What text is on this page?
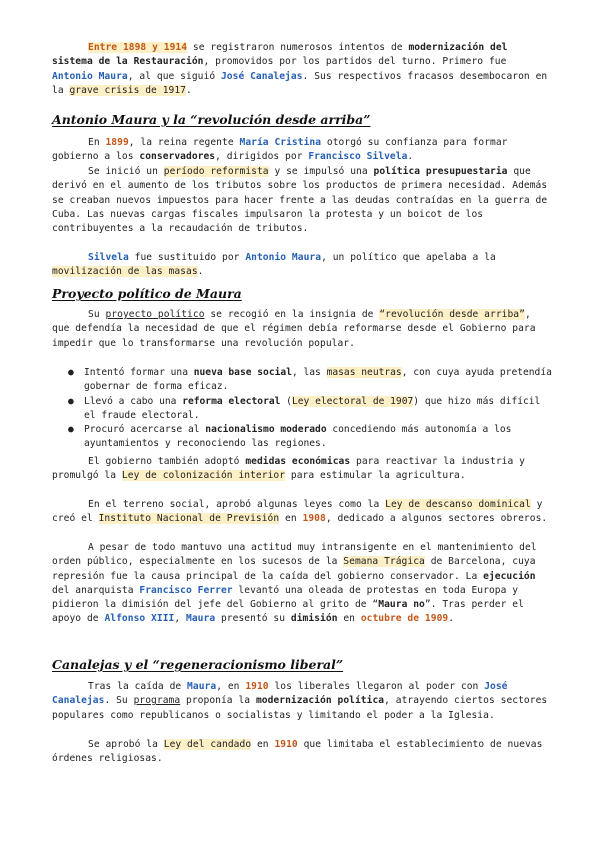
Entre 1898 y 1914 se registraron numerosos intentos de modernización del sistema de la Restauración, promovidos por los partidos del turno. Primero fue Antonio Maura, al que siguió José Canalejas. Sus respectivos fracasos desembocaron en la grave crisis de 1917.

Antonio Maura y la “revolución desde arriba”

En 1899, la reina regente María Cristina otorgó su confianza para formar gobierno a los conservadores, dirigidos por Francisco Silvela.

Se inició un período reformista y se impulsó una política presupuestaria que derivó en el aumento de los tributos sobre los productos de primera necesidad. Además se creaban nuevos impuestos para hacer frente a las deudas contraídas en la guerra de Cuba. Las nuevas cargas fiscales impulsaron la protesta y un boicot de los contribuyentes a la recaudación de tributos.

Silvela fue sustituido por Antonio Maura, un político que apelaba a la movilización de las masas.

Proyecto político de Maura

Su proyecto político se recogió en la insignia de “revolución desde arriba”, que defendía la necesidad de que el régimen debía reformarse desde el Gobierno para impedir que lo transformarse una revolución popular.

● Intentó formar una nueva base social, las masas neutras, con cuya ayuda pretendía gobernar de forma eficaz.
● Llevó a cabo una reforma electoral (Ley electoral de 1907) que hizo más difícil el fraude electoral.
● Procuró acercarse al nacionalismo moderado concediendo más autonomía a los ayuntamientos y reconociendo las regiones.

El gobierno también adoptó medidas económicas para reactivar la industria y promulgó la Ley de colonización interior para estimular la agricultura.

En el terreno social, aprobó algunas leyes como la Ley de descanso dominical y creó el Instituto Nacional de Previsión en 1908, dedicado a algunos sectores obreros.

A pesar de todo mantuvo una actitud muy intransigente en el mantenimiento del orden público, especialmente en los sucesos de la Semana Trágica de Barcelona, cuya represión fue la causa principal de la caída del gobierno conservador. La ejecución del anarquista Francisco Ferrer levantó una oleada de protestas en toda Europa y pidieron la dimisión del jefe del Gobierno al grito de “Maura no”. Tras perder el apoyo de Alfonso XIII, Maura presentó su dimisión en octubre de 1909.

Canalejas y el “regeneracionismo liberal”

Tras la caída de Maura, en 1910 los liberales llegaron al poder con José Canalejas. Su programa proponía la modernización política, atrayendo ciertos sectores populares como republicanos o socialistas y limitando el poder a la Iglesia.

Se aprobó la Ley del candado en 1910 que limitaba el establecimiento de nuevas órdenes religiosas.
